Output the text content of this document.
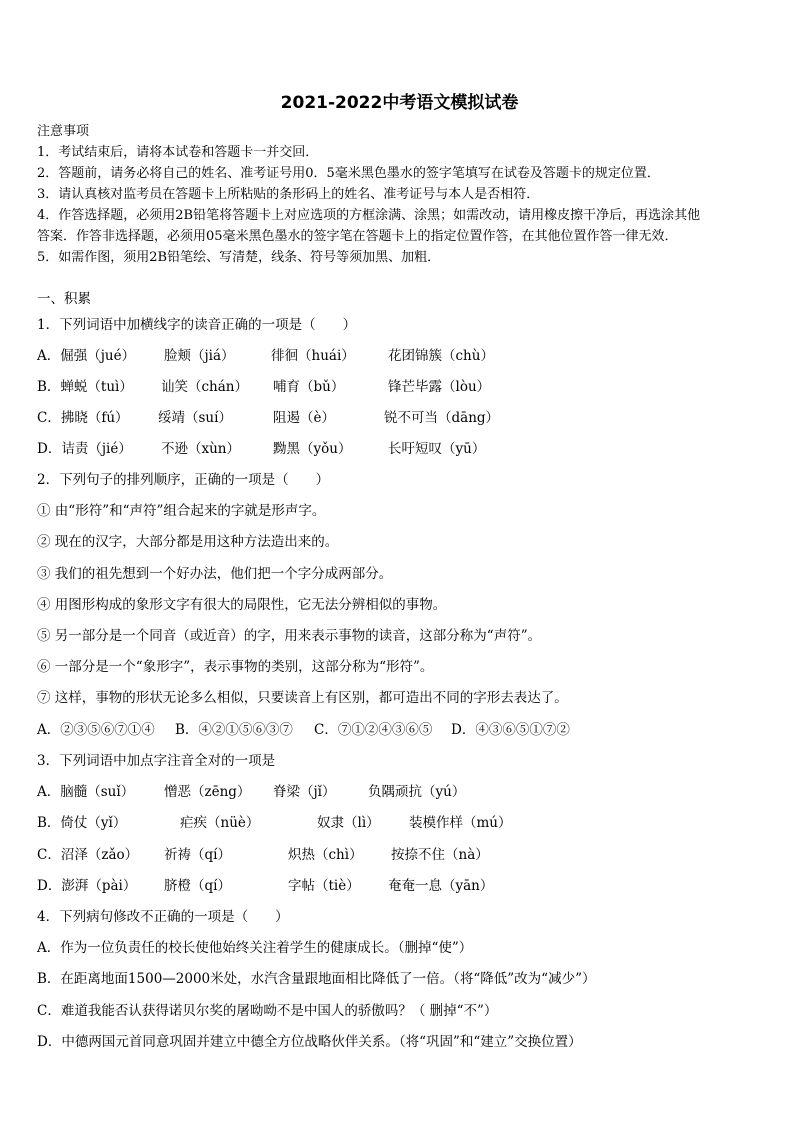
2021-2022中考语文模拟试卷
注意事项
1．考试结束后，请将本试卷和答题卡一并交回．
2．答题前，请务必将自己的姓名、准考证号用0．5毫米黑色墨水的签字笔填写在试卷及答题卡的规定位置．
3．请认真核对监考员在答题卡上所粘贴的条形码上的姓名、准考证号与本人是否相符．
4．作答选择题，必须用2B铅笔将答题卡上对应选项的方框涂满、涂黑；如需改动，请用橡皮擦干净后，再选涂其他
答案．作答非选择题，必须用05毫米黑色墨水的签字笔在答题卡上的指定位置作答，在其他位置作答一律无效．
5．如需作图，须用2B铅笔绘、写清楚，线条、符号等须加黑、加粗．
一、积累
1．下列词语中加横线字的读音正确的一项是（　　）
A．倔强（jué） 脸颊（jiá）	徘徊（huái） 花团锦簇（chù）
B．蝉蜕（tuì） 讪笑（chán） 哺育（bǔ）	锋芒毕露（lòu）
C．拂晓（fú） 绥靖（suí）	阻遏（è）	锐不可当（dāng）
D．诘责（jié） 不逊（xùn） 黝黑（yǒu）	长吁短叹（yū）
2．下列句子的排列顺序，正确的一项是（　　）
① 由“形符”和“声符”组合起来的字就是形声字。
② 现在的汉字，大部分都是用这种方法造出来的。
③ 我们的祖先想到一个好办法，他们把一个字分成两部分。
④ 用图形构成的象形文字有很大的局限性，它无法分辨相似的事物。
⑤ 另一部分是一个同音（或近音）的字，用来表示事物的读音，这部分称为“声符”。
⑥ 一部分是一个“象形字”，表示事物的类别，这部分称为“形符”。
⑦ 这样，事物的形状无论多么相似，只要读音上有区别，都可造出不同的字形去表达了。
A．②③⑤⑥⑦①④ B．④②①⑤⑥③⑦ C．⑦①②④③⑥⑤ D．④③⑥⑤①⑦②
3．下列词语中加点字注音全对的一项是
A．脑髓（suǐ） 憎恶（zēng） 脊梁（jǐ） 负隅顽抗（yú）
B．倚仗（yǐ）	疟疾（nüè）	奴隶（lì） 装模作样（mú）
C．沼泽（zǎo） 祈祷（qí）	炽热（chì） 按捺不住（nà）
D．澎湃（pài） 脐橙（qí）	字帖（tiè） 奄奄一息（yān）
4．下列病句修改不正确的一项是（　　）
A．作为一位负责任的校长使他始终关注着学生的健康成长。（删掉“使”）
B．在距离地面1500—2000米处，水汽含量跟地面相比降低了一倍。（将“降低”改为“减少”）
C．难道我能否认获得诺贝尔奖的屠呦呦不是中国人的骄傲吗？（ 删掉“不”）
D．中德两国元首同意巩固并建立中德全方位战略伙伴关系。（将“巩固”和“建立”交换位置）
